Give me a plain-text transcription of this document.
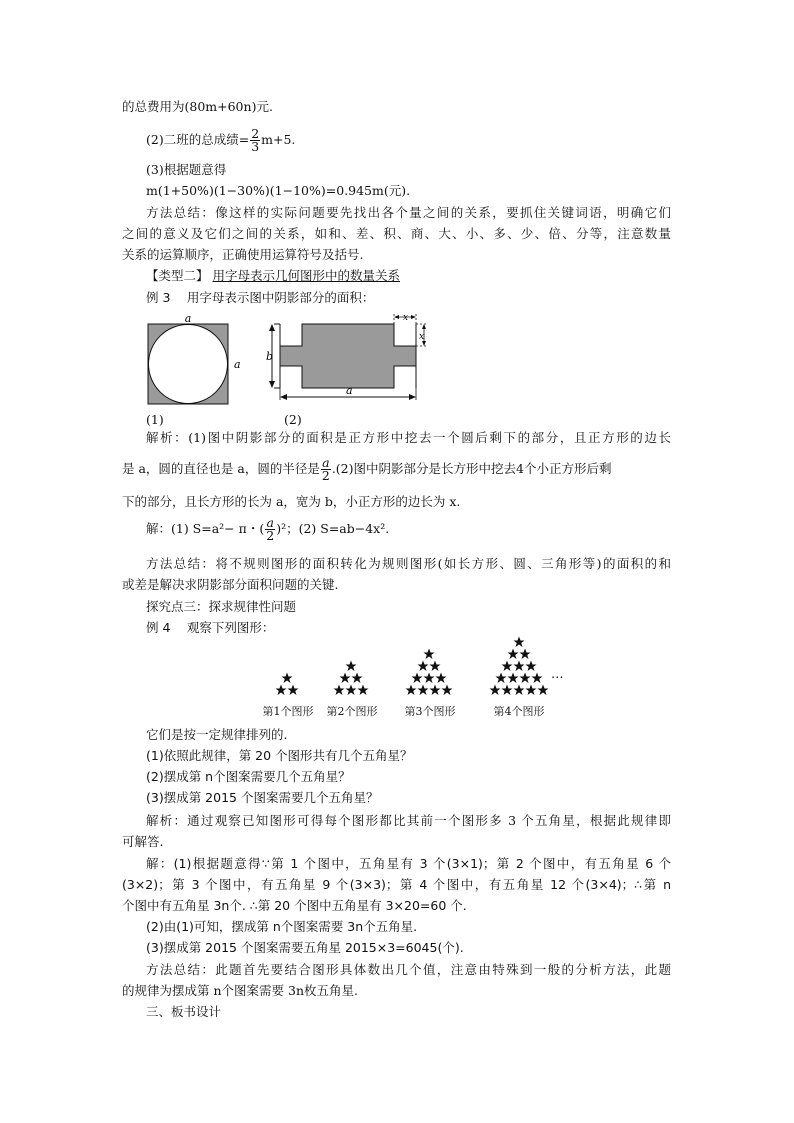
的总费用为(80m+60n)元.
(2)二班的总成绩= $\frac{2}{3} m+5$.
(3)根据题意得
m(1+50%)(1−30%)(1−10%)=0.945m(元).
方法总结：像这样的实际问题要先找出各个量之间的关系，要抓住关键词语，明确它们
之间的意义及它们之间的关系，如和、差、积、商、大、小、多、少、倍、分等，注意数量
关系的运算顺序，正确使用运算符号及括号.
【类型二】 用字母表示几何图形中的数量关系
例 3　 用字母表示图中阴影部分的面积：
a
a
(1)
b
a
x
x
(2)
解析：(1)图中阴影部分的面积是正方形中挖去一个圆后剩下的部分，且正方形的边长
是 a，圆的直径也是 a，圆的半径是 $\frac{a}{2} .(2)$图中阴影部分是长方形中挖去4个小正方形后剩
下的部分，且长方形的长为 a，宽为 b，小正方形的边长为 x.
解：(1) S=a²− π・( $\frac{a}{2} )^2$；(2) S=ab−4x².
方法总结：将不规则图形的面积转化为规则图形(如长方形、圆、三角形等)的面积的和
或差是解决求阴影部分面积问题的关键.
探究点三：探求规律性问题
例 4　 观察下列图形：
…
第1个图形 第2个图形	第3个图形	第4个图形
它们是按一定规律排列的.
(1)依照此规律，第 20 个图形共有几个五角星？
(2)摆成第 n个图案需要几个五角星？
(3)摆成第 2015 个图案需要几个五角星？
解析：通过观察已知图形可得每个图形都比其前一个图形多 3 个五角星，根据此规律即
可解答.
解：(1)根据题意得∵第 1 个图中，五角星有 3 个(3×1)；第 2 个图中，有五角星 6 个
(3×2)；第 3 个图中，有五角星 9 个(3×3)；第 4 个图中，有五角星 12 个(3×4)；∴第 n
个图中有五角星 3n个. ∴第 20 个图中五角星有 3×20=60 个.
(2)由(1)可知，摆成第 n个图案需要 3n个五角星.
(3)摆成第 2015 个图案需要五角星 2015×3=6045(个).
方法总结：此题首先要结合图形具体数出几个值，注意由特殊到一般的分析方法，此题
的规律为摆成第 n个图案需要 3n枚五角星.
三、板书设计
